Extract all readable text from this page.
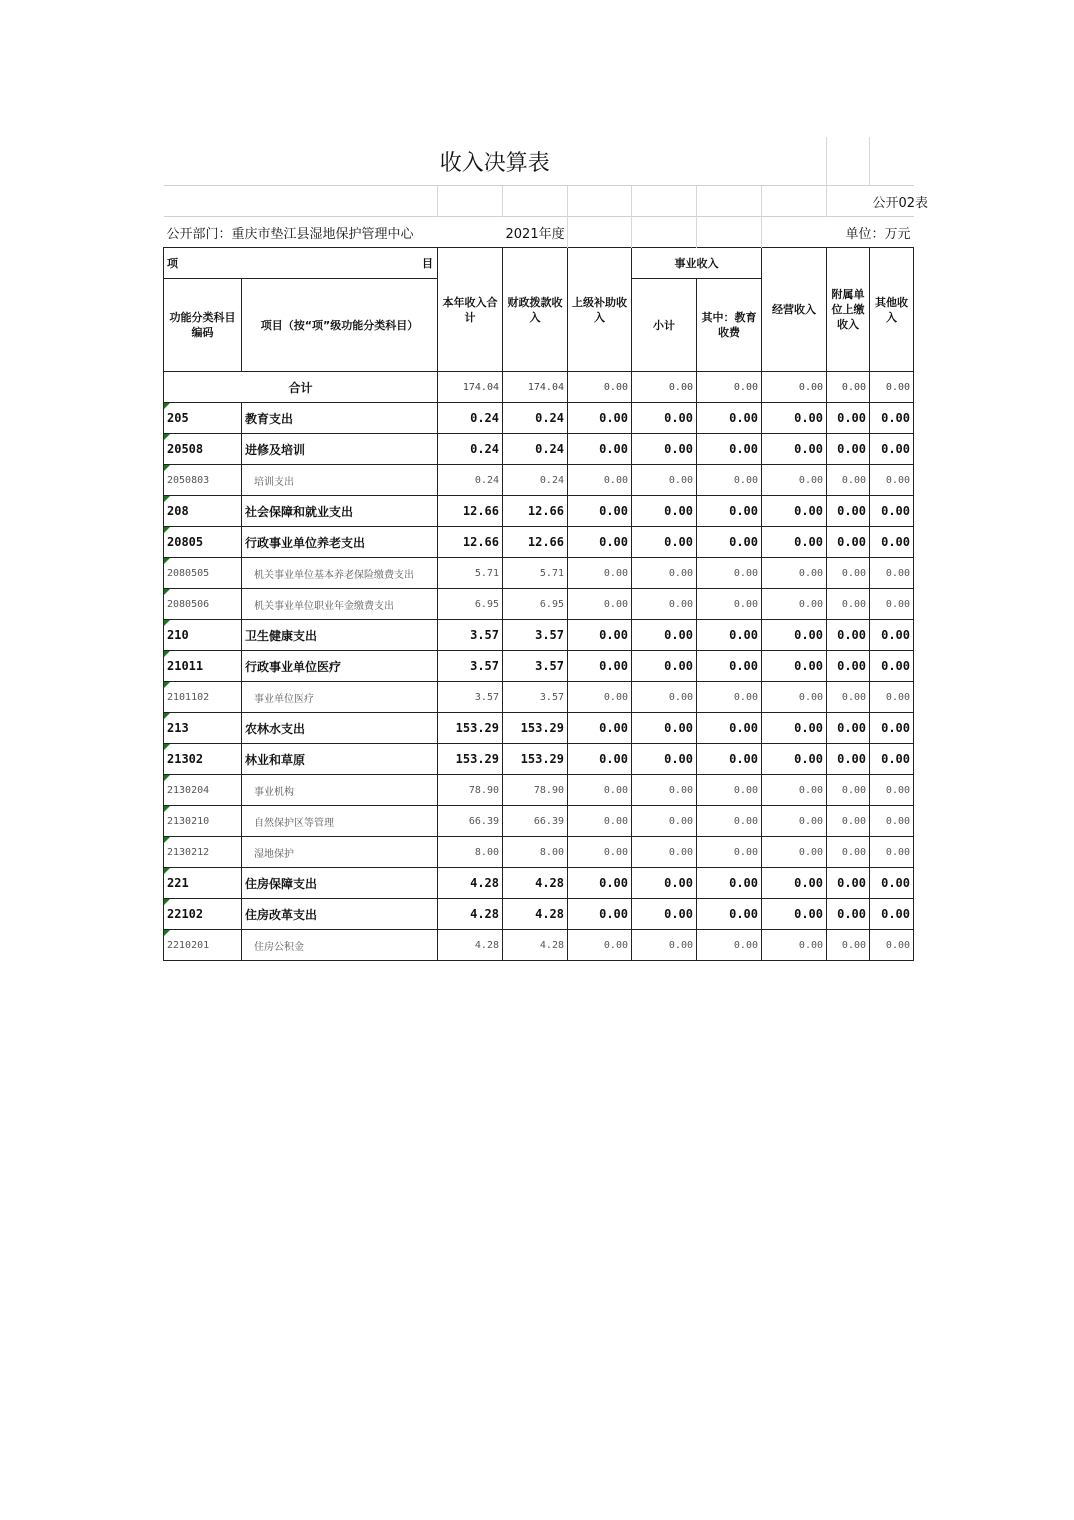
收入决算表									
									公开02表
公开部门：重庆市垫江县湿地保护管理中心			2021年度					单位：万元	
项 目		本年收入合计	财政拨款收入	上级补助收入	事业收入		经营收入	附属单位上缴收入	其他收入
功能分类科目编码	项目（按“项”级功能分类科目）								
					小计	其中：教育收费			
合计		174.04	174.04	0.00	0.00	0.00	0.00	0.00	0.00
205	教育支出	0.24	0.24	0.00	0.00	0.00	0.00	0.00	0.00
20508	进修及培训	0.24	0.24	0.00	0.00	0.00	0.00	0.00	0.00
2050803	培训支出	0.24	0.24	0.00	0.00	0.00	0.00	0.00	0.00
208	社会保障和就业支出	12.66	12.66	0.00	0.00	0.00	0.00	0.00	0.00
20805	行政事业单位养老支出	12.66	12.66	0.00	0.00	0.00	0.00	0.00	0.00
2080505	机关事业单位基本养老保险缴费支出	5.71	5.71	0.00	0.00	0.00	0.00	0.00	0.00
2080506	机关事业单位职业年金缴费支出	6.95	6.95	0.00	0.00	0.00	0.00	0.00	0.00
210	卫生健康支出	3.57	3.57	0.00	0.00	0.00	0.00	0.00	0.00
21011	行政事业单位医疗	3.57	3.57	0.00	0.00	0.00	0.00	0.00	0.00
2101102	事业单位医疗	3.57	3.57	0.00	0.00	0.00	0.00	0.00	0.00
213	农林水支出	153.29	153.29	0.00	0.00	0.00	0.00	0.00	0.00
21302	林业和草原	153.29	153.29	0.00	0.00	0.00	0.00	0.00	0.00
2130204	事业机构	78.90	78.90	0.00	0.00	0.00	0.00	0.00	0.00
2130210	自然保护区等管理	66.39	66.39	0.00	0.00	0.00	0.00	0.00	0.00
2130212	湿地保护	8.00	8.00	0.00	0.00	0.00	0.00	0.00	0.00
221	住房保障支出	4.28	4.28	0.00	0.00	0.00	0.00	0.00	0.00
22102	住房改革支出	4.28	4.28	0.00	0.00	0.00	0.00	0.00	0.00
2210201	住房公积金	4.28	4.28	0.00	0.00	0.00	0.00	0.00	0.00
